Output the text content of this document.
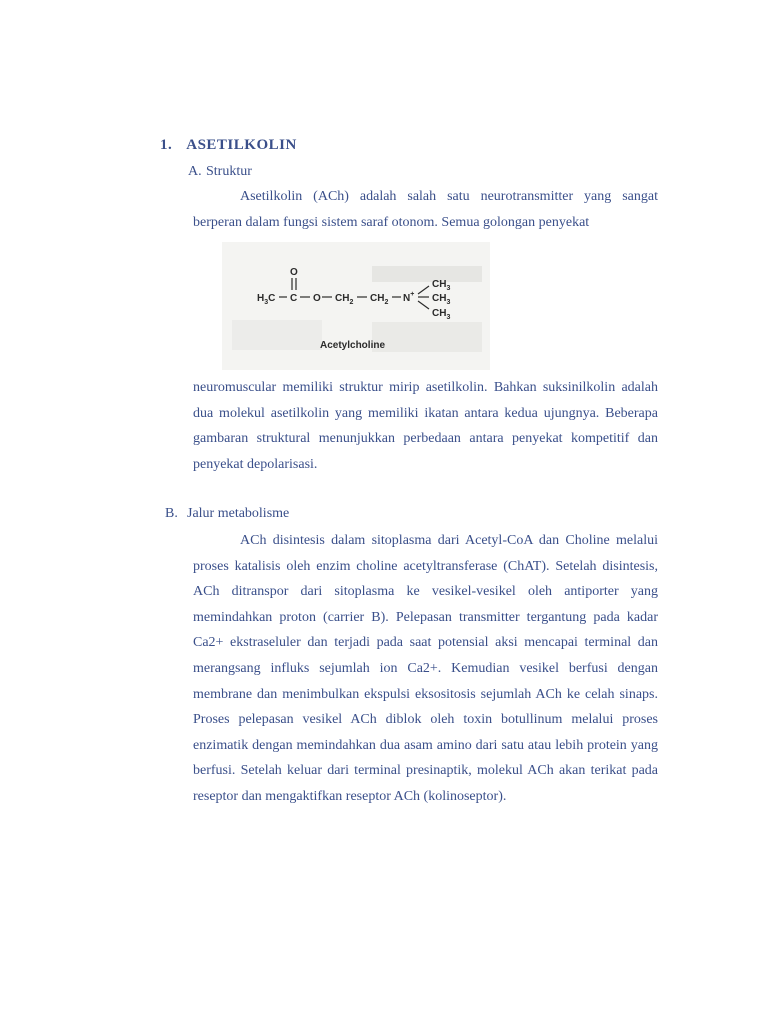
1. ASETILKOLIN
A. Struktur

Asetilkolin (ACh) adalah salah satu neurotransmitter yang sangat berperan dalam fungsi sistem saraf otonom. Semua golongan penyekat

O
$H_3C$ C O $CH_2$ $CH_2$ N+
$CH_3$
$CH_3$
$CH_3$
Acetylcholine

neuromuscular memiliki struktur mirip asetilkolin. Bahkan suksinilkolin adalah dua molekul asetilkolin yang memiliki ikatan antara kedua ujungnya. Beberapa gambaran struktural menunjukkan perbedaan antara penyekat kompetitif dan penyekat depolarisasi.

B. Jalur metabolisme

ACh disintesis dalam sitoplasma dari Acetyl-CoA dan Choline melalui proses katalisis oleh enzim choline acetyltransferase (ChAT). Setelah disintesis, ACh ditranspor dari sitoplasma ke vesikel-vesikel oleh antiporter yang memindahkan proton (carrier B). Pelepasan transmitter tergantung pada kadar Ca2+ ekstraseluler dan terjadi pada saat potensial aksi mencapai terminal dan merangsang influks sejumlah ion Ca2+. Kemudian vesikel berfusi dengan membrane dan menimbulkan ekspulsi eksositosis sejumlah ACh ke celah sinaps. Proses pelepasan vesikel ACh diblok oleh toxin botullinum melalui proses enzimatik dengan memindahkan dua asam amino dari satu atau lebih protein yang berfusi. Setelah keluar dari terminal presinaptik, molekul ACh akan terikat pada reseptor dan mengaktifkan reseptor ACh (kolinoseptor).
